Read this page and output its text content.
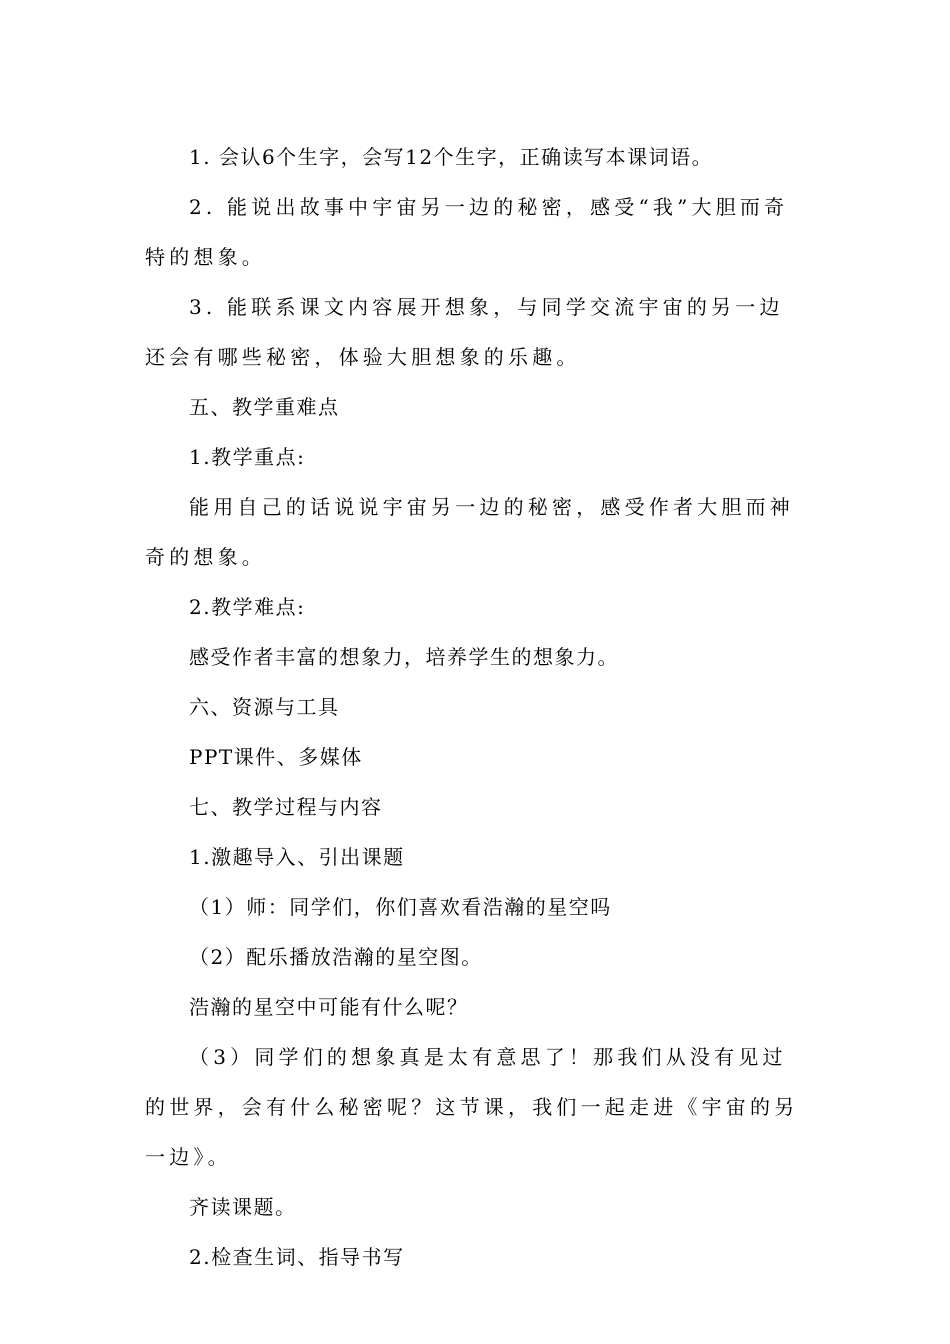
1. 会认6个生字，会写12个生字，正确读写本课词语。

2. 能说出故事中宇宙另一边的秘密，感受“我”大胆而奇特的想象。

3. 能联系课文内容展开想象，与同学交流宇宙的另一边还会有哪些秘密，体验大胆想象的乐趣。

五、教学重难点

1.教学重点:

能用自己的话说说宇宙另一边的秘密，感受作者大胆而神奇的想象。

2.教学难点:

感受作者丰富的想象力，培养学生的想象力。

六、资源与工具

PPT课件、多媒体

七、教学过程与内容

1.激趣导入、引出课题

（1）师：同学们，你们喜欢看浩瀚的星空吗

（2）配乐播放浩瀚的星空图。

浩瀚的星空中可能有什么呢？

（3）同学们的想象真是太有意思了！那我们从没有见过的世界，会有什么秘密呢？这节课，我们一起走进《宇宙的另一边》。

齐读课题。

2.检查生词、指导书写
